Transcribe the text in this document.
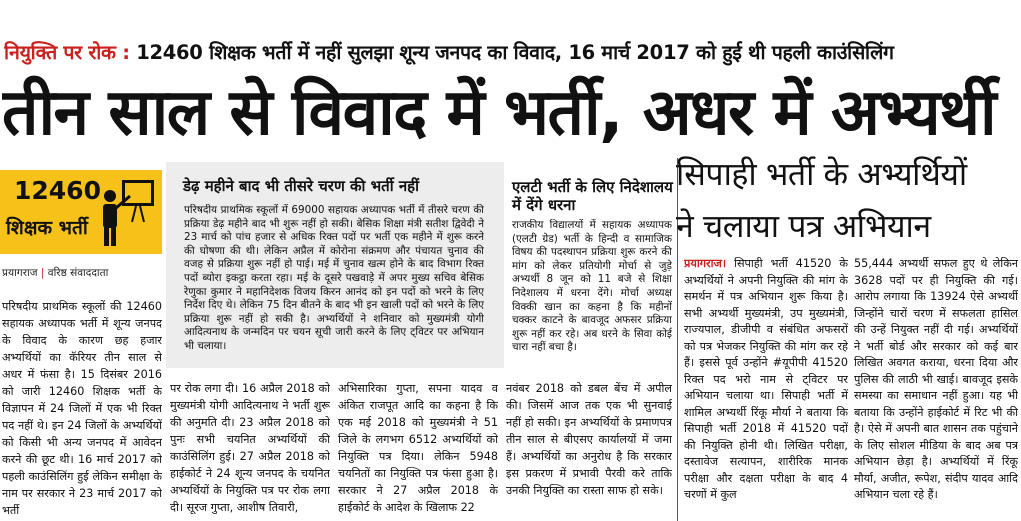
नियुक्ति पर रोक : 12460 शिक्षक भर्ती में नहीं सुलझा शून्य जनपद का विवाद, 16 मार्च 2017 को हुई थी पहली काउंसिलिंग
तीन साल से विवाद में भर्ती, अधर में अभ्यर्थी
12460
शिक्षक भर्ती
प्रयागराज | वरिष्ठ संवाददाता
परिषदीय प्राथमिक स्कूलों की 12460 सहायक अध्यापक भर्ती में शून्य जनपद के विवाद के कारण छह हजार अभ्यर्थियों का कॅरियर तीन साल से अधर में फंसा है। 15 दिसंबर 2016 को जारी 12460 शिक्षक भर्ती के विज्ञापन में 24 जिलों में एक भी रिक्त पद नहीं थे। इन 24 जिलों के अभ्यर्थियों को किसी भी अन्य जनपद में आवेदन करने की छूट थी। 16 मार्च 2017 को पहली काउंसिलिंग हुई लेकिन समीक्षा के नाम पर सरकार ने 23 मार्च 2017 को भर्ती
डेढ़ महीने बाद भी तीसरे चरण की भर्ती नहीं
परिषदीय प्राथमिक स्कूलों में 69000 सहायक अध्यापक भर्ती में तीसरे चरण की प्रक्रिया डेढ़ महीने बाद भी शुरू नहीं हो सकी। बेसिक शिक्षा मंत्री सतीश द्विवेदी ने 23 मार्च को पांच हजार से अधिक रिक्त पदों पर भर्ती एक महीने में शुरू करने की घोषणा की थी। लेकिन अप्रैल में कोरोना संक्रमण और पंचायत चुनाव की वजह से प्रक्रिया शुरू नहीं हो पाई। मई में चुनाव खत्म होने के बाद विभाग रिक्त पदों ब्योरा इकट्ठा करता रहा। मई के दूसरे पखवाड़े में अपर मुख्य सचिव बेसिक रेणुका कुमार ने महानिदेशक विजय किरन आनंद को इन पदों को भरने के लिए निर्देश दिए थे। लेकिन 75 दिन बीतने के बाद भी इन खाली पदों को भरने के लिए प्रक्रिया शुरू नहीं हो सकी है। अभ्यर्थियों ने शनिवार को मुख्यमंत्री योगी आदित्यनाथ के जन्मदिन पर चयन सूची जारी करने के लिए ट्विटर पर अभियान भी चलाया।
एलटी भर्ती के लिए निदेशालय में देंगे धरना
राजकीय विद्यालयों में सहायक अध्यापक (एलटी ग्रेड) भर्ती के हिन्दी व सामाजिक विषय की पदस्थापन प्रक्रिया शुरू करने की मांग को लेकर प्रतियोगी मोर्चा से जुड़े अभ्यर्थी 8 जून को 11 बजे से शिक्षा निदेशालय में धरना देंगे। मोर्चा अध्यक्ष विक्की खान का कहना है कि महीनों चक्कर काटने के बावजूद अफसर प्रक्रिया शुरू नहीं कर रहे। अब धरने के सिवा कोई चारा नहीं बचा है।
पर रोक लगा दी। 16 अप्रैल 2018 को मुख्यमंत्री योगी आदित्यनाथ ने भर्ती शुरू की अनुमति दी। 23 अप्रैल 2018 को पुनः सभी चयनित अभ्यर्थियों की काउंसिलिंग हुई। 27 अप्रैल 2018 को हाईकोर्ट ने 24 शून्य जनपद के चयनित अभ्यर्थियों के नियुक्ति पत्र पर रोक लगा दी। सूरज गुप्ता, आशीष तिवारी,
अभिसारिका गुप्ता, सपना यादव व अंकित राजपूत आदि का कहना है कि एक मई 2018 को मुख्यमंत्री ने 51 जिले के लगभग 6512 अभ्यर्थियों को नियुक्ति पत्र दिया। लेकिन 5948 चयनितों का नियुक्ति पत्र फंसा हुआ है। सरकार ने 27 अप्रैल 2018 के हाईकोर्ट के आदेश के खिलाफ 22
नवंबर 2018 को डबल बेंच में अपील की। जिसमें आज तक एक भी सुनवाई नहीं हो सकी। इन अभ्यर्थियों के प्रमाणपत्र तीन साल से बीएसए कार्यालयों में जमा हैं। अभ्यर्थियों का अनुरोध है कि सरकार इस प्रकरण में प्रभावी पैरवी करे ताकि उनकी नियुक्ति का रास्ता साफ हो सके।
सिपाही भर्ती के अभ्यर्थियों
ने चलाया पत्र अभियान
प्रयागराज। सिपाही भर्ती 41520 के अभ्यर्थियों ने अपनी नियुक्ति की मांग के समर्थन में पत्र अभियान शुरू किया है। सभी अभ्यर्थी मुख्यमंत्री, उप मुख्यमंत्री, राज्यपाल, डीजीपी व संबंधित अफसरों को पत्र भेजकर नियुक्ति की मांग कर रहे हैं। इससे पूर्व उन्होंने #यूपीपी 41520 रिक्त पद भरो नाम से ट्विटर पर अभियान चलाया था। सिपाही भर्ती में शामिल अभ्यर्थी रिंकू मौर्या ने बताया कि सिपाही भर्ती 2018 में 41520 पदों की नियुक्ति होनी थी। लिखित परीक्षा, दस्तावेज सत्यापन, शारीरिक मानक परीक्षा और दक्षता परीक्षा के बाद 4 चरणों में कुल
55,444 अभ्यर्थी सफल हुए थे लेकिन 3628 पदों पर ही नियुक्ति की गई। आरोप लगाया कि 13924 ऐसे अभ्यर्थी जिन्होंने चारों चरण में सफलता हासिल की उन्हें नियुक्त नहीं दी गई। अभ्यर्थियों ने भर्ती बोर्ड और सरकार को कई बार लिखित अवगत कराया, धरना दिया और पुलिस की लाठी भी खाई। बावजूद इसके समस्या का समाधान नहीं हुआ। यह भी बताया कि उन्होंने हाईकोर्ट में रिट भी की है। ऐसे में अपनी बात शासन तक पहुंचाने के लिए सोशल मीडिया के बाद अब पत्र अभियान छेड़ा है। अभ्यर्थियों में रिंकू मौर्या, अजीत, रूपेश, संदीप यादव आदि अभियान चला रहे हैं।
